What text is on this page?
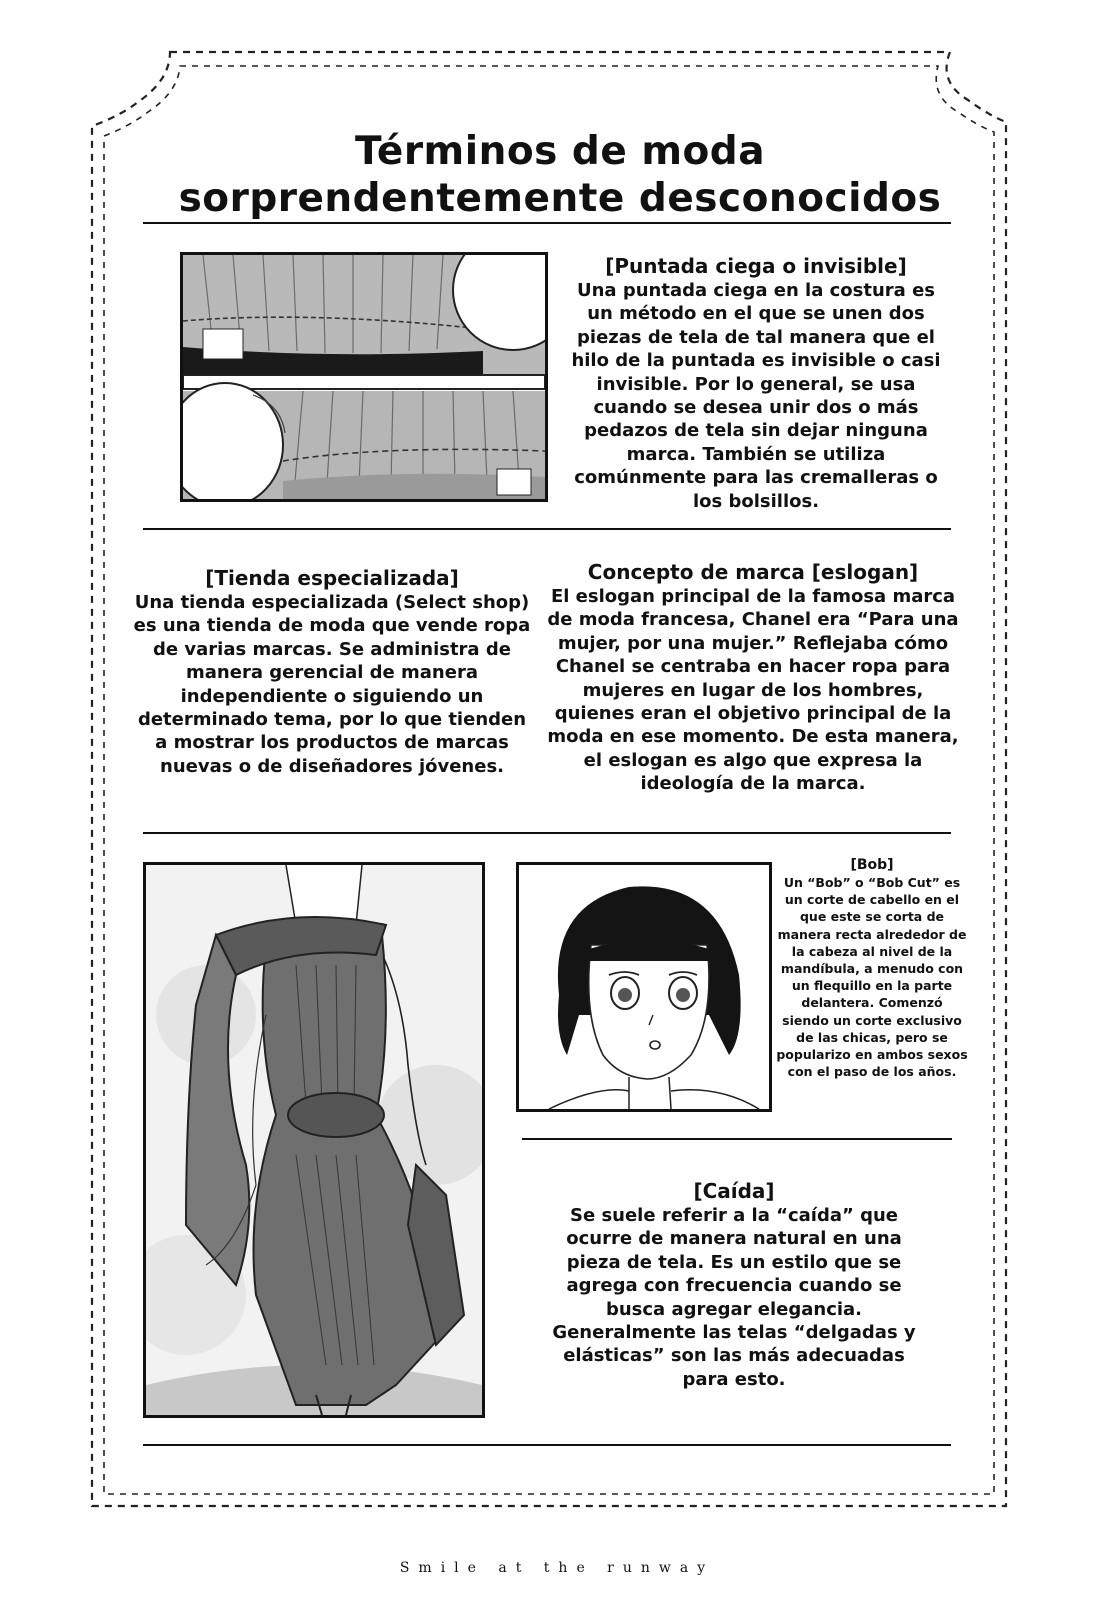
Términos de moda
sorprendentemente desconocidos
[Puntada ciega o invisible]
Una puntada ciega en la costura es un método en el que se unen dos piezas de tela de tal manera que el hilo de la puntada es invisible o casi invisible. Por lo general, se usa cuando se desea unir dos o más pedazos de tela sin dejar ninguna marca. También se utiliza comúnmente para las cremalleras o los bolsillos.
[Tienda especializada]
Una tienda especializada (Select shop) es una tienda de moda que vende ropa de varias marcas. Se administra de manera gerencial de manera independiente o siguiendo un determinado tema, por lo que tienden a mostrar los productos de marcas nuevas o de diseñadores jóvenes.
Concepto de marca [eslogan]
El eslogan principal de la famosa marca de moda francesa, Chanel era “Para una mujer, por una mujer.” Reflejaba cómo Chanel se centraba en hacer ropa para mujeres en lugar de los hombres, quienes eran el objetivo principal de la moda en ese momento. De esta manera, el eslogan es algo que expresa la ideología de la marca.
[Bob]
Un “Bob” o “Bob Cut” es un corte de cabello en el que este se corta de manera recta alrededor de la cabeza al nivel de la mandíbula, a menudo con un flequillo en la parte delantera. Comenzó siendo un corte exclusivo de las chicas, pero se popularizo en ambos sexos con el paso de los años.
[Caída]
Se suele referir a la “caída” que ocurre de manera natural en una pieza de tela. Es un estilo que se agrega con frecuencia cuando se busca agregar elegancia. Generalmente las telas “delgadas y elásticas” son las más adecuadas para esto.
Smile at the runway
